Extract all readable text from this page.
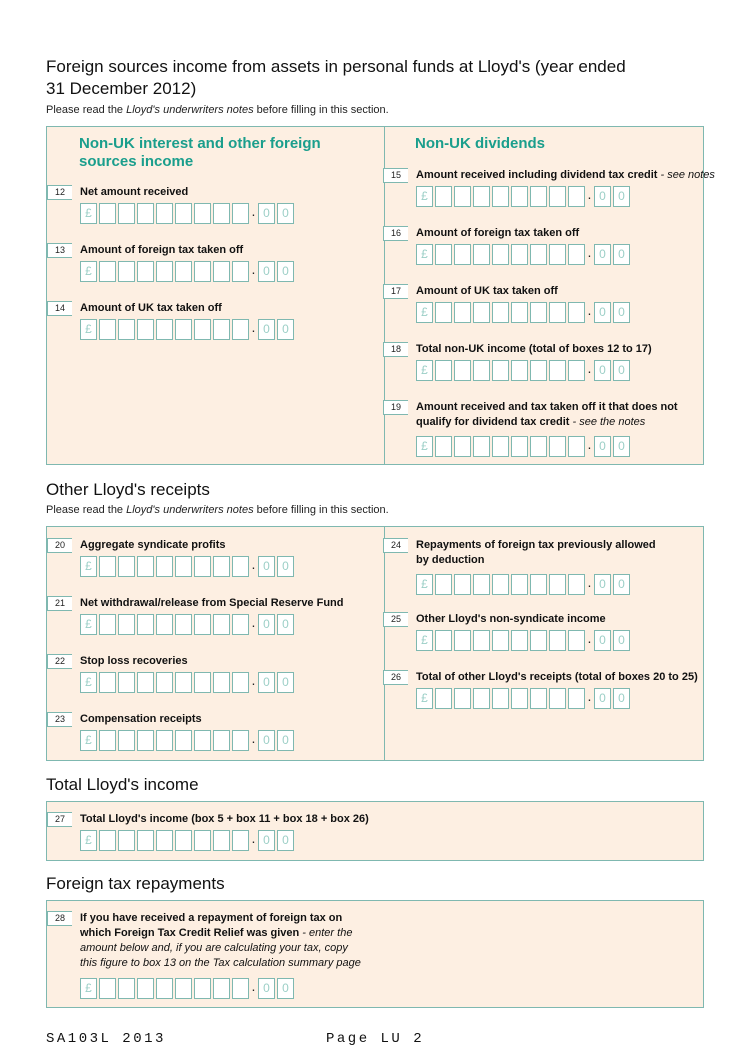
Foreign sources income from assets in personal funds at Lloyd's (year ended 31 December 2012)
Please read the Lloyd's underwriters notes before filling in this section.
Non-UK interest and other foreign sources income
Non-UK dividends
12	Net amount received
£	· 0	0
13	Amount of foreign tax taken off
£	· 0	0
14	Amount of UK tax taken off
£	· 0	0
15	Amount received including dividend tax credit - see notes
£	· 0	0
16	Amount of foreign tax taken off
£	· 0	0
17	Amount of UK tax taken off
£	· 0	0
18	Total non-UK income (total of boxes 12 to 17)
£	· 0	0
19	Amount received and tax taken off it that does not
qualify for dividend tax credit - see the notes
£	· 0	0
Other Lloyd's receipts
Please read the Lloyd's underwriters notes before filling in this section.
20	Aggregate syndicate profits
£	· 0	0
21	Net withdrawal/release from Special Reserve Fund
£	· 0	0
22	Stop loss recoveries
£	· 0	0
23	Compensation receipts
£	· 0	0
24	Repayments of foreign tax previously allowed
by deduction
£	· 0	0
25	Other Lloyd's non-syndicate income
£	· 0	0
26	Total of other Lloyd's receipts (total of boxes 20 to 25)
£	· 0	0
Total Lloyd's income
27	Total Lloyd's income (box 5 + box 11 + box 18 + box 26)
£	· 0	0
Foreign tax repayments
28	If you have received a repayment of foreign tax on
which Foreign Tax Credit Relief was given - enter the
amount below and, if you are calculating your tax, copy
this figure to box 13 on the Tax calculation summary page
£	· 0	0
SA103L 2013	Page LU 2
